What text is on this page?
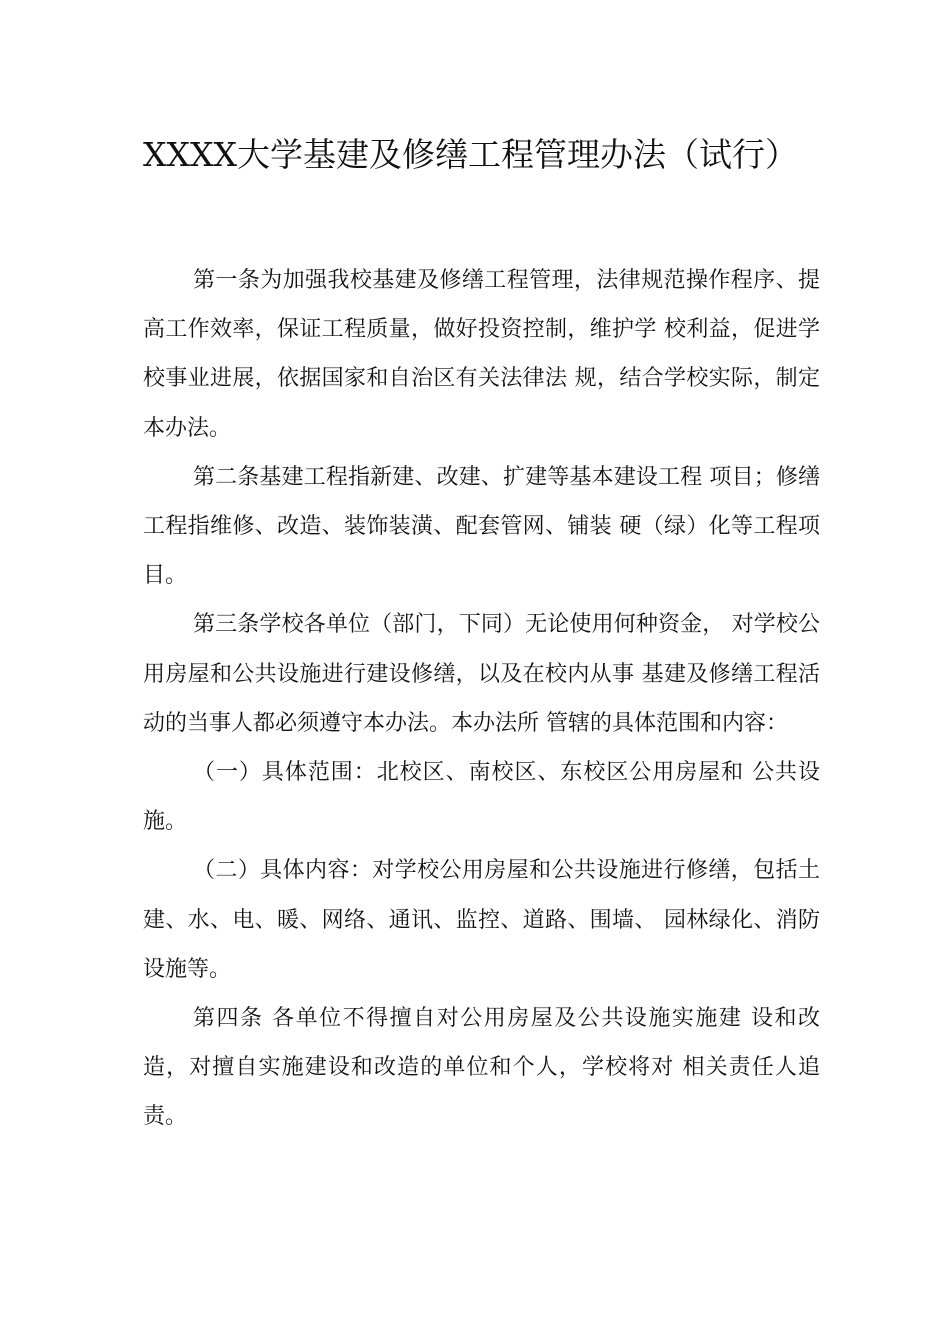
XXXX大学基建及修缮工程管理办法（试行）

第一条为加强我校基建及修缮工程管理，法律规范操作程序、提高工作效率，保证工程质量，做好投资控制，维护学 校利益，促进学校事业进展，依据国家和自治区有关法律法 规，结合学校实际，制定本办法。

第二条基建工程指新建、改建、扩建等基本建设工程 项目；修缮工程指维修、改造、装饰装潢、配套管网、铺装 硬（绿）化等工程项目。

第三条学校各单位（部门，下同）无论使用何种资金， 对学校公用房屋和公共设施进行建设修缮，以及在校内从事 基建及修缮工程活动的当事人都必须遵守本办法。本办法所 管辖的具体范围和内容：

（一）具体范围：北校区、南校区、东校区公用房屋和 公共设施。

（二）具体内容：对学校公用房屋和公共设施进行修缮，包括土建、水、电、暖、网络、通讯、监控、道路、围墙、 园林绿化、消防设施等。

第四条 各单位不得擅自对公用房屋及公共设施实施建 设和改造，对擅自实施建设和改造的单位和个人，学校将对 相关责任人追责。
